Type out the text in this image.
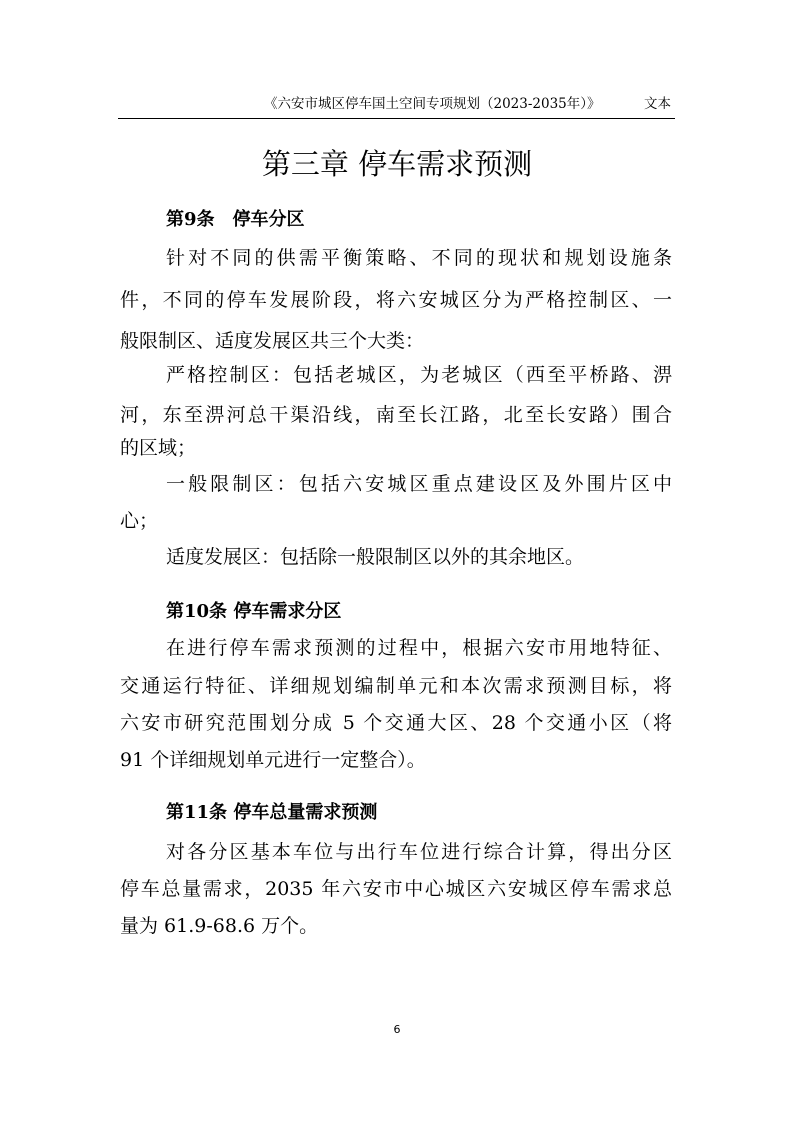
《六安市城区停车国土空间专项规划（2023-2035年）》	文本
第三章 停车需求预测
第9条　停车分区
针对不同的供需平衡策略、不同的现状和规划设施条
件，不同的停车发展阶段，将六安城区分为严格控制区、一
般限制区、适度发展区共三个大类：
严格控制区：包括老城区，为老城区（西至平桥路、淠
河，东至淠河总干渠沿线，南至长江路，北至长安路）围合
的区域；
一般限制区：包括六安城区重点建设区及外围片区中
心；
适度发展区：包括除一般限制区以外的其余地区。
第10条 停车需求分区
在进行停车需求预测的过程中，根据六安市用地特征、
交通运行特征、详细规划编制单元和本次需求预测目标，将
六安市研究范围划分成 5 个交通大区、28 个交通小区（将
91 个详细规划单元进行一定整合）。
第11条 停车总量需求预测
对各分区基本车位与出行车位进行综合计算，得出分区
停车总量需求，2035 年六安市中心城区六安城区停车需求总
量为 61.9-68.6 万个。
6
